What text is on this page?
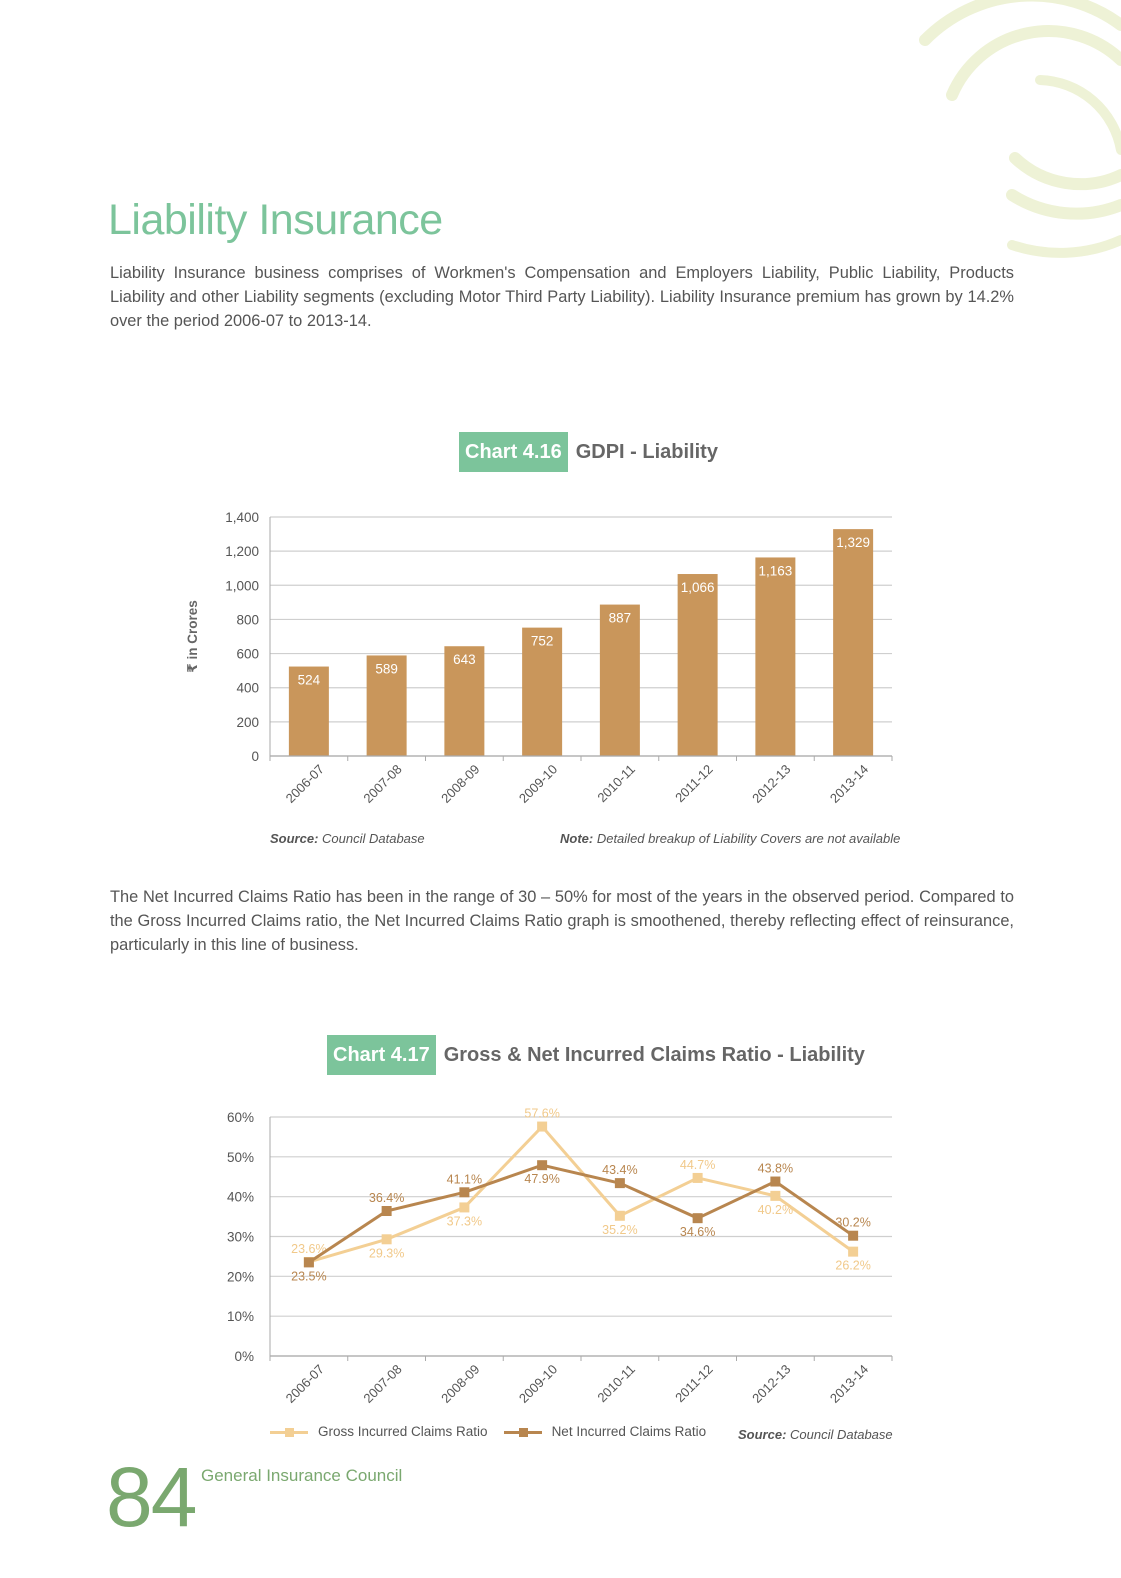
Liability Insurance

Liability Insurance business comprises of Workmen's Compensation and Employers Liability, Public Liability, Products Liability and other Liability segments (excluding Motor Third Party Liability). Liability Insurance premium has grown by 14.2% over the period 2006-07 to 2013-14.

Chart 4.16 GDPI - Liability

The Net Incurred Claims Ratio has been in the range of 30 – 50% for most of the years in the observed period. Compared to the Gross Incurred Claims ratio, the Net Incurred Claims Ratio graph is smoothened, thereby reflecting effect of reinsurance, particularly in this line of business.

Chart 4.17 Gross & Net Incurred Claims Ratio - Liability
0
200
400
600
800
1,000
1,200
1,400
₹ in Crores
524
2006-07
589
2007-08
643
2008-09
752
2009-10
887
2010-11
1,066
2011-12
1,163
2012-13
1,329
2013-14
0%
10%
20%
30%
40%
50%
60%
2006-07	2007-08	2008-09	2009-10	2010-11	2011-12	2012-13	2013-14
23.6%	29.3%
37.3%
57.6%
35.2%
44.7%
40.2%
26.2%
23.5%
36.4%
41.1%	47.9%
43.4%
34.6%
43.8%
30.2%
Source: Council Database	Note: Detailed breakup of Liability Covers are not available
Gross Incurred Claims Ratio	Net Incurred Claims Ratio Source: Council Database
84 General Insurance Council
